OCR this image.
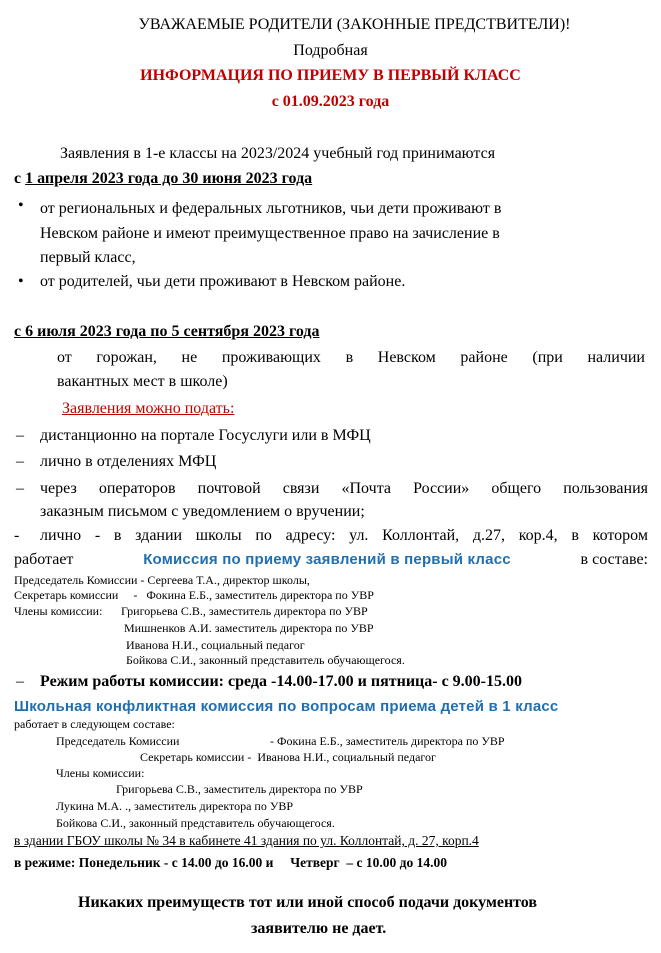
УВАЖАЕМЫЕ РОДИТЕЛИ (ЗАКОННЫЕ ПРЕДСТВИТЕЛИ)!
Подробная
ИНФОРМАЦИЯ ПО ПРИЕМУ В ПЕРВЫЙ КЛАСС
с 01.09.2023 года
Заявления в 1-е классы на 2023/2024 учебный год принимаются
с 1 апреля 2023 года до 30 июня 2023 года
• от региональных и федеральных льготников, чьи дети проживают в
Невском районе и имеют преимущественное право на зачисление в
первый класс,
• от родителей, чьи дети проживают в Невском районе.
с 6 июля 2023 года по 5 сентября 2023 года
от горожан, не проживающих в Невском районе (при наличии
вакантных мест в школе)
Заявления можно подать:
– дистанционно на портале Госуслуги или в МФЦ
– лично в отделениях МФЦ
– через операторов почтовой связи «Почта России» общего пользования
заказным письмом с уведомлением о вручении;
- лично - в здании школы по адресу: ул. Коллонтай, д.27, кор.4, в котором
работает	Комиссия по приему заявлений в первый класс	в составе:
Председатель Комиссии - Сергеева Т.А., директор школы,
Секретарь комиссии     -   Фокина Е.Б., заместитель директора по УВР
Члены комиссии: Григорьева С.В., заместитель директора по УВР
Мишненков А.И. заместитель директора по УВР
Иванова Н.И., социальный педагог
Бойкова С.И., законный представитель обучающегося.
– Режим работы комиссии: среда -14.00-17.00 и пятница- с 9.00-15.00
Школьная конфликтная комиссия по вопросам приема детей в 1 класс
работает в следующем составе:
Председатель Комиссии	- Фокина Е.Б., заместитель директора по УВР
Секретарь комиссии -  Иванова Н.И., социальный педагог
Члены комиссии:
Григорьева С.В., заместитель директора по УВР
Лукина М.А. ., заместитель директора по УВР
Бойкова С.И., законный представитель обучающегося.
в здании ГБОУ школы № 34 в кабинете 41 здания по ул. Коллонтай, д. 27, корп.4
в режиме: Понедельник - с 14.00 до 16.00 и     Четверг  – с 10.00 до 14.00
Никаких преимуществ тот или иной способ подачи документов
заявителю не дает.
